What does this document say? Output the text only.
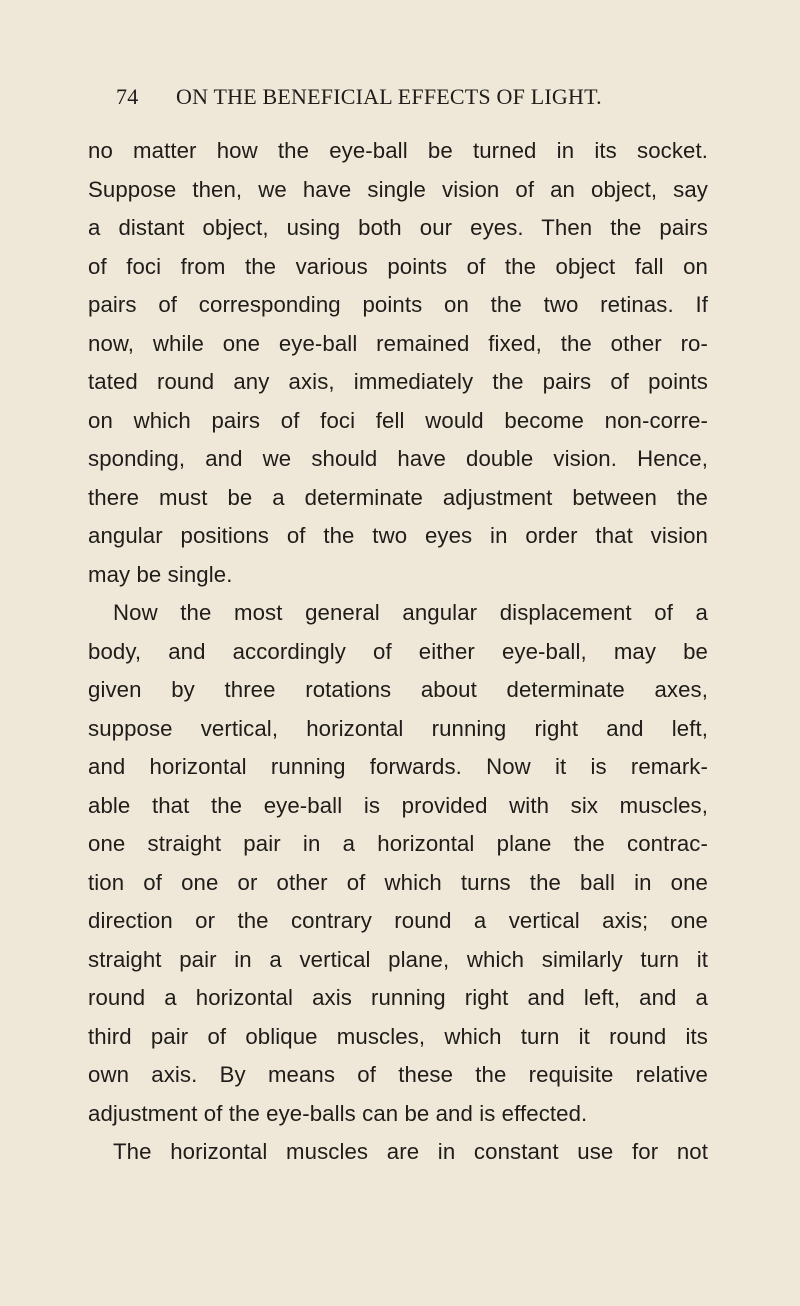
74 ON THE BENEFICIAL EFFECTS OF LIGHT.
no matter how the eye-ball be turned in its socket.
Suppose then, we have single vision of an object, say
a distant object, using both our eyes. Then the pairs
of foci from the various points of the object fall on
pairs of corresponding points on the two retinas. If
now, while one eye-ball remained fixed, the other ro-
tated round any axis, immediately the pairs of points
on which pairs of foci fell would become non-corre-
sponding, and we should have double vision. Hence,
there must be a determinate adjustment between the
angular positions of the two eyes in order that vision
may be single.
Now the most general angular displacement of a
body, and accordingly of either eye-ball, may be
given by three rotations about determinate axes,
suppose vertical, horizontal running right and left,
and horizontal running forwards. Now it is remark-
able that the eye-ball is provided with six muscles,
one straight pair in a horizontal plane the contrac-
tion of one or other of which turns the ball in one
direction or the contrary round a vertical axis; one
straight pair in a vertical plane, which similarly turn it
round a horizontal axis running right and left, and a
third pair of oblique muscles, which turn it round its
own axis. By means of these the requisite relative
adjustment of the eye-balls can be and is effected.
The horizontal muscles are in constant use for not
